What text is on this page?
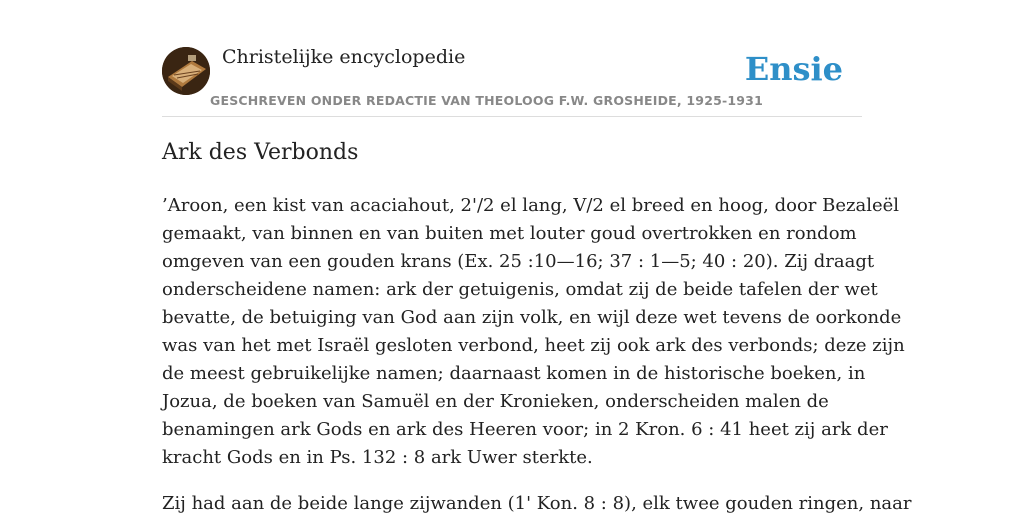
Christelijke encyclopedie
GESCHREVEN ONDER REDACTIE VAN THEOLOOG F.W. GROSHEIDE, 1925-1931
Ensie
Ark des Verbonds
’Aroon, een kist van acaciahout, 2'/2 el lang, V/2 el breed en hoog, door Bezaleël
gemaakt, van binnen en van buiten met louter goud overtrokken en rondom
omgeven van een gouden krans (Ex. 25 :10—16; 37 : 1—5; 40 : 20). Zij draagt
onderscheidene namen: ark der getuigenis, omdat zij de beide tafelen der wet
bevatte, de betuiging van God aan zijn volk, en wijl deze wet tevens de oorkonde
was van het met Israël gesloten verbond, heet zij ook ark des verbonds; deze zijn
de meest gebruikelijke namen; daarnaast komen in de historische boeken, in
Jozua, de boeken van Samuël en der Kronieken, onderscheiden malen de
benamingen ark Gods en ark des Heeren voor; in 2 Kron. 6 : 41 heet zij ark der
kracht Gods en in Ps. 132 : 8 ark Uwer sterkte.
Zij had aan de beide lange zijwanden (1' Kon. 8 : 8), elk twee gouden ringen, naar
